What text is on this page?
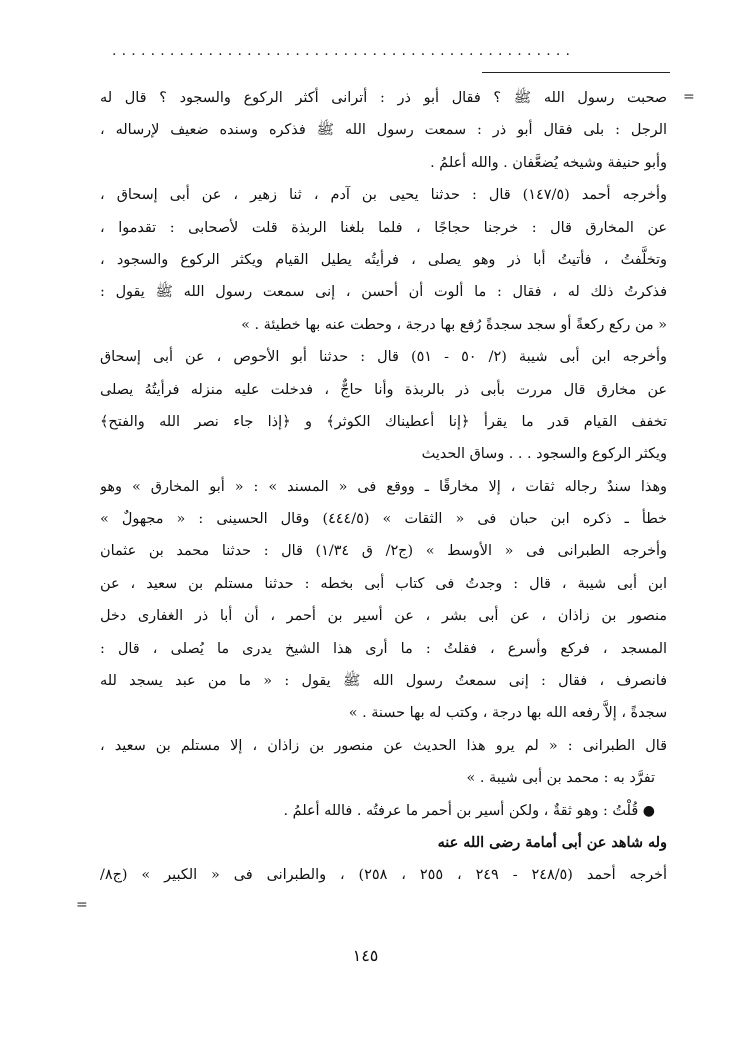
................................................
=
=
صحبت رسول الله ﷺ ؟ فقال أبو ذر : أترانى أكثر الركوع والسجود ؟ قال له
الرجل : بلى فقال أبو ذر : سمعت رسول الله ﷺ فذكره وسنده ضعيف لإرساله ،
وأبو حنيفة وشيخه يُضعَّفان . والله أعلمُ .
وأخرجه أحمد (١٤٧/٥) قال : حدثنا يحيى بن آدم ، ثنا زهير ، عن أبى إسحاق ،
عن المخارق قال : خرجنا حجاجًا ، فلما بلغنا الربذة قلت لأصحابى : تقدموا ،
وتخلَّفتُ ، فأتيتُ أبا ذر وهو يصلى ، فرأيتُه يطيل القيام ويكثر الركوع والسجود ،
فذكرتُ ذلك له ، فقال : ما ألوت أن أحسن ، إنى سمعت رسول الله ﷺ يقول :
« من ركع ركعةً أو سجد سجدةً رُفع بها درجة ، وحطت عنه بها خطيئة . »
وأخرجه ابن أبى شيبة (٢/ ٥٠ - ٥١) قال : حدثنا أبو الأحوص ، عن أبى إسحاق
عن مخارق قال مررت بأبى ذر بالربذة وأنا حاجٌّ ، فدخلت عليه منزله فرأيتُهُ يصلى
تخفف القيام قدر ما يقرأ ﴿إنا أعطيناك الكوثر﴾ و ﴿إذا جاء نصر الله والفتح﴾
ويكثر الركوع والسجود . . . وساق الحديث
وهذا سندٌ رجاله ثقات ، إلا مخارقًا ـ ووقع فى « المسند » : « أبو المخارق » وهو
خطأ ـ ذكره ابن حبان فى « الثقات » (٤٤٤/٥) وقال الحسينى : « مجهولٌ »
وأخرجه الطبرانى فى « الأوسط » (ج٢/ ق ١/٣٤) قال : حدثنا محمد بن عثمان
ابن أبى شيبة ، قال : وجدتُ فى كتاب أبى بخطه : حدثنا مستلم بن سعيد ، عن
منصور بن زاذان ، عن أبى بشر ، عن أسير بن أحمر ، أن أبا ذر الغفارى دخل
المسجد ، فركع وأسرع ، فقلتُ : ما أرى هذا الشيخ يدرى ما يُصلى ، قال :
فانصرف ، فقال : إنى سمعتُ رسول الله ﷺ يقول : « ما من عبد يسجد لله
سجدةً ، إلاَّ رفعه الله بها درجة ، وكتب له بها حسنة . »
قال الطبرانى : « لم يرو هذا الحديث عن منصور بن زاذان ، إلا مستلم بن سعيد ،
تفرَّد به : محمد بن أبى شيبة . »
● قُلْتُ : وهو ثقةٌ ، ولكن أسير بن أحمر ما عرفتُه . فالله أعلمُ .
وله شاهد عن أبى أمامة رضى الله عنه
أخرجه أحمد (٢٤٨/٥ - ٢٤٩ ، ٢٥٥ ، ٢٥٨) ، والطبرانى فى « الكبير » (ج٨/
١٤٥
